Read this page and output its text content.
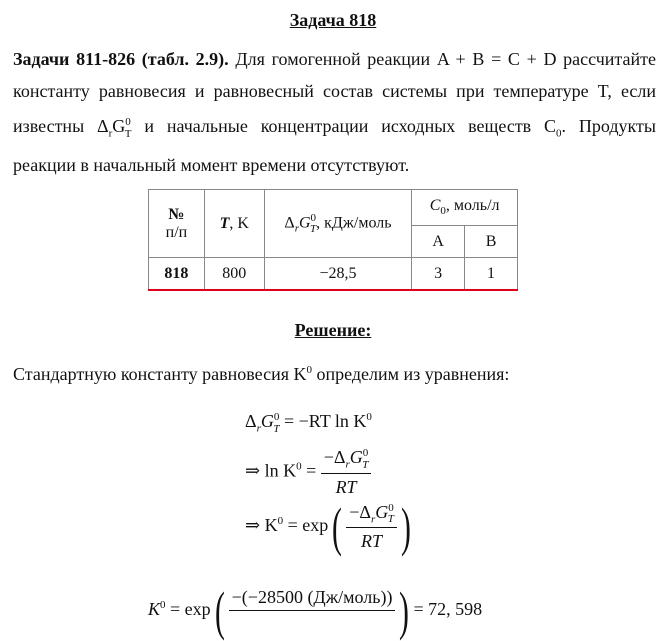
Задача 818
Задачи 811-826 (табл. 2.9). Для гомогенной реакции A + B = C + D рассчитайте константу равновесия и равновесный состав системы при температуре T, если известны $\Delta_rG^0_T$ и начальные концентрации исходных веществ $C_0$. Продукты реакции в начальный момент времени отсутствуют.
№
п/п	T, K	$\Delta_rG^0_T$, кДж/моль	$C_0$, моль/л	
			A	B
818	800	−28,5	3	1
Решение:
Стандартную константу равновесия $K^0$ определим из уравнения:
$\Delta_rG^0_T = -RT$ $\ln K^0$
⇒ $\ln K^0 = \frac{-\Delta_rG^0_T}{RT}$
⇒ $K^0 = \exp( \frac{-\Delta_rG^0_T}{RT}$ )
$K^0 = \exp( -(-28500$ (Дж/моль))
) = 72, 598
